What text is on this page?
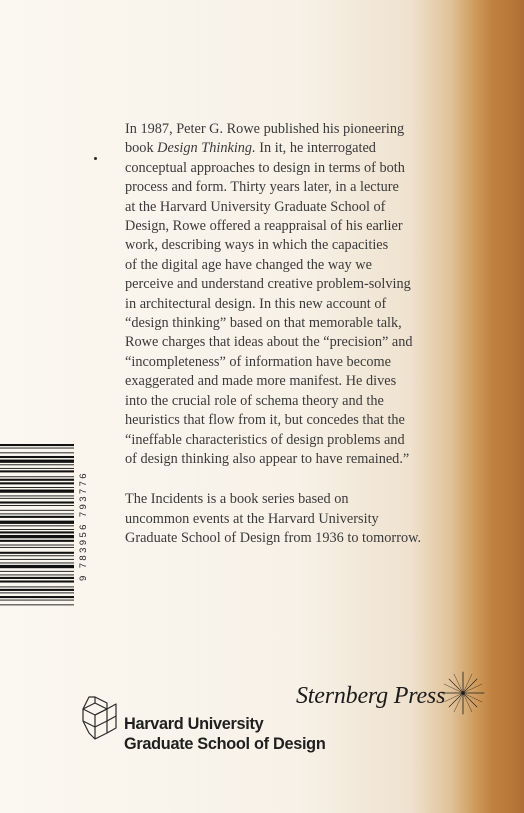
In 1987, Peter G. Rowe published his pioneering
book Design Thinking. In it, he interrogated
conceptual approaches to design in terms of both
process and form. Thirty years later, in a lecture
at the Harvard University Graduate School of
Design, Rowe offered a reappraisal of his earlier
work, describing ways in which the capacities
of the digital age have changed the way we
perceive and understand creative problem-solving
in architectural design. In this new account of
“design thinking” based on that memorable talk,
Rowe charges that ideas about the “precision” and
“incompleteness” of information have become
exaggerated and made more manifest. He dives
into the crucial role of schema theory and the
heuristics that flow from it, but concedes that the
“ineffable characteristics of design problems and
of design thinking also appear to have remained.”

The Incidents is a book series based on
uncommon events at the Harvard University
Graduate School of Design from 1936 to tomorrow.

9 783956 793776
Harvard University
Graduate School of Design
Sternberg Press
